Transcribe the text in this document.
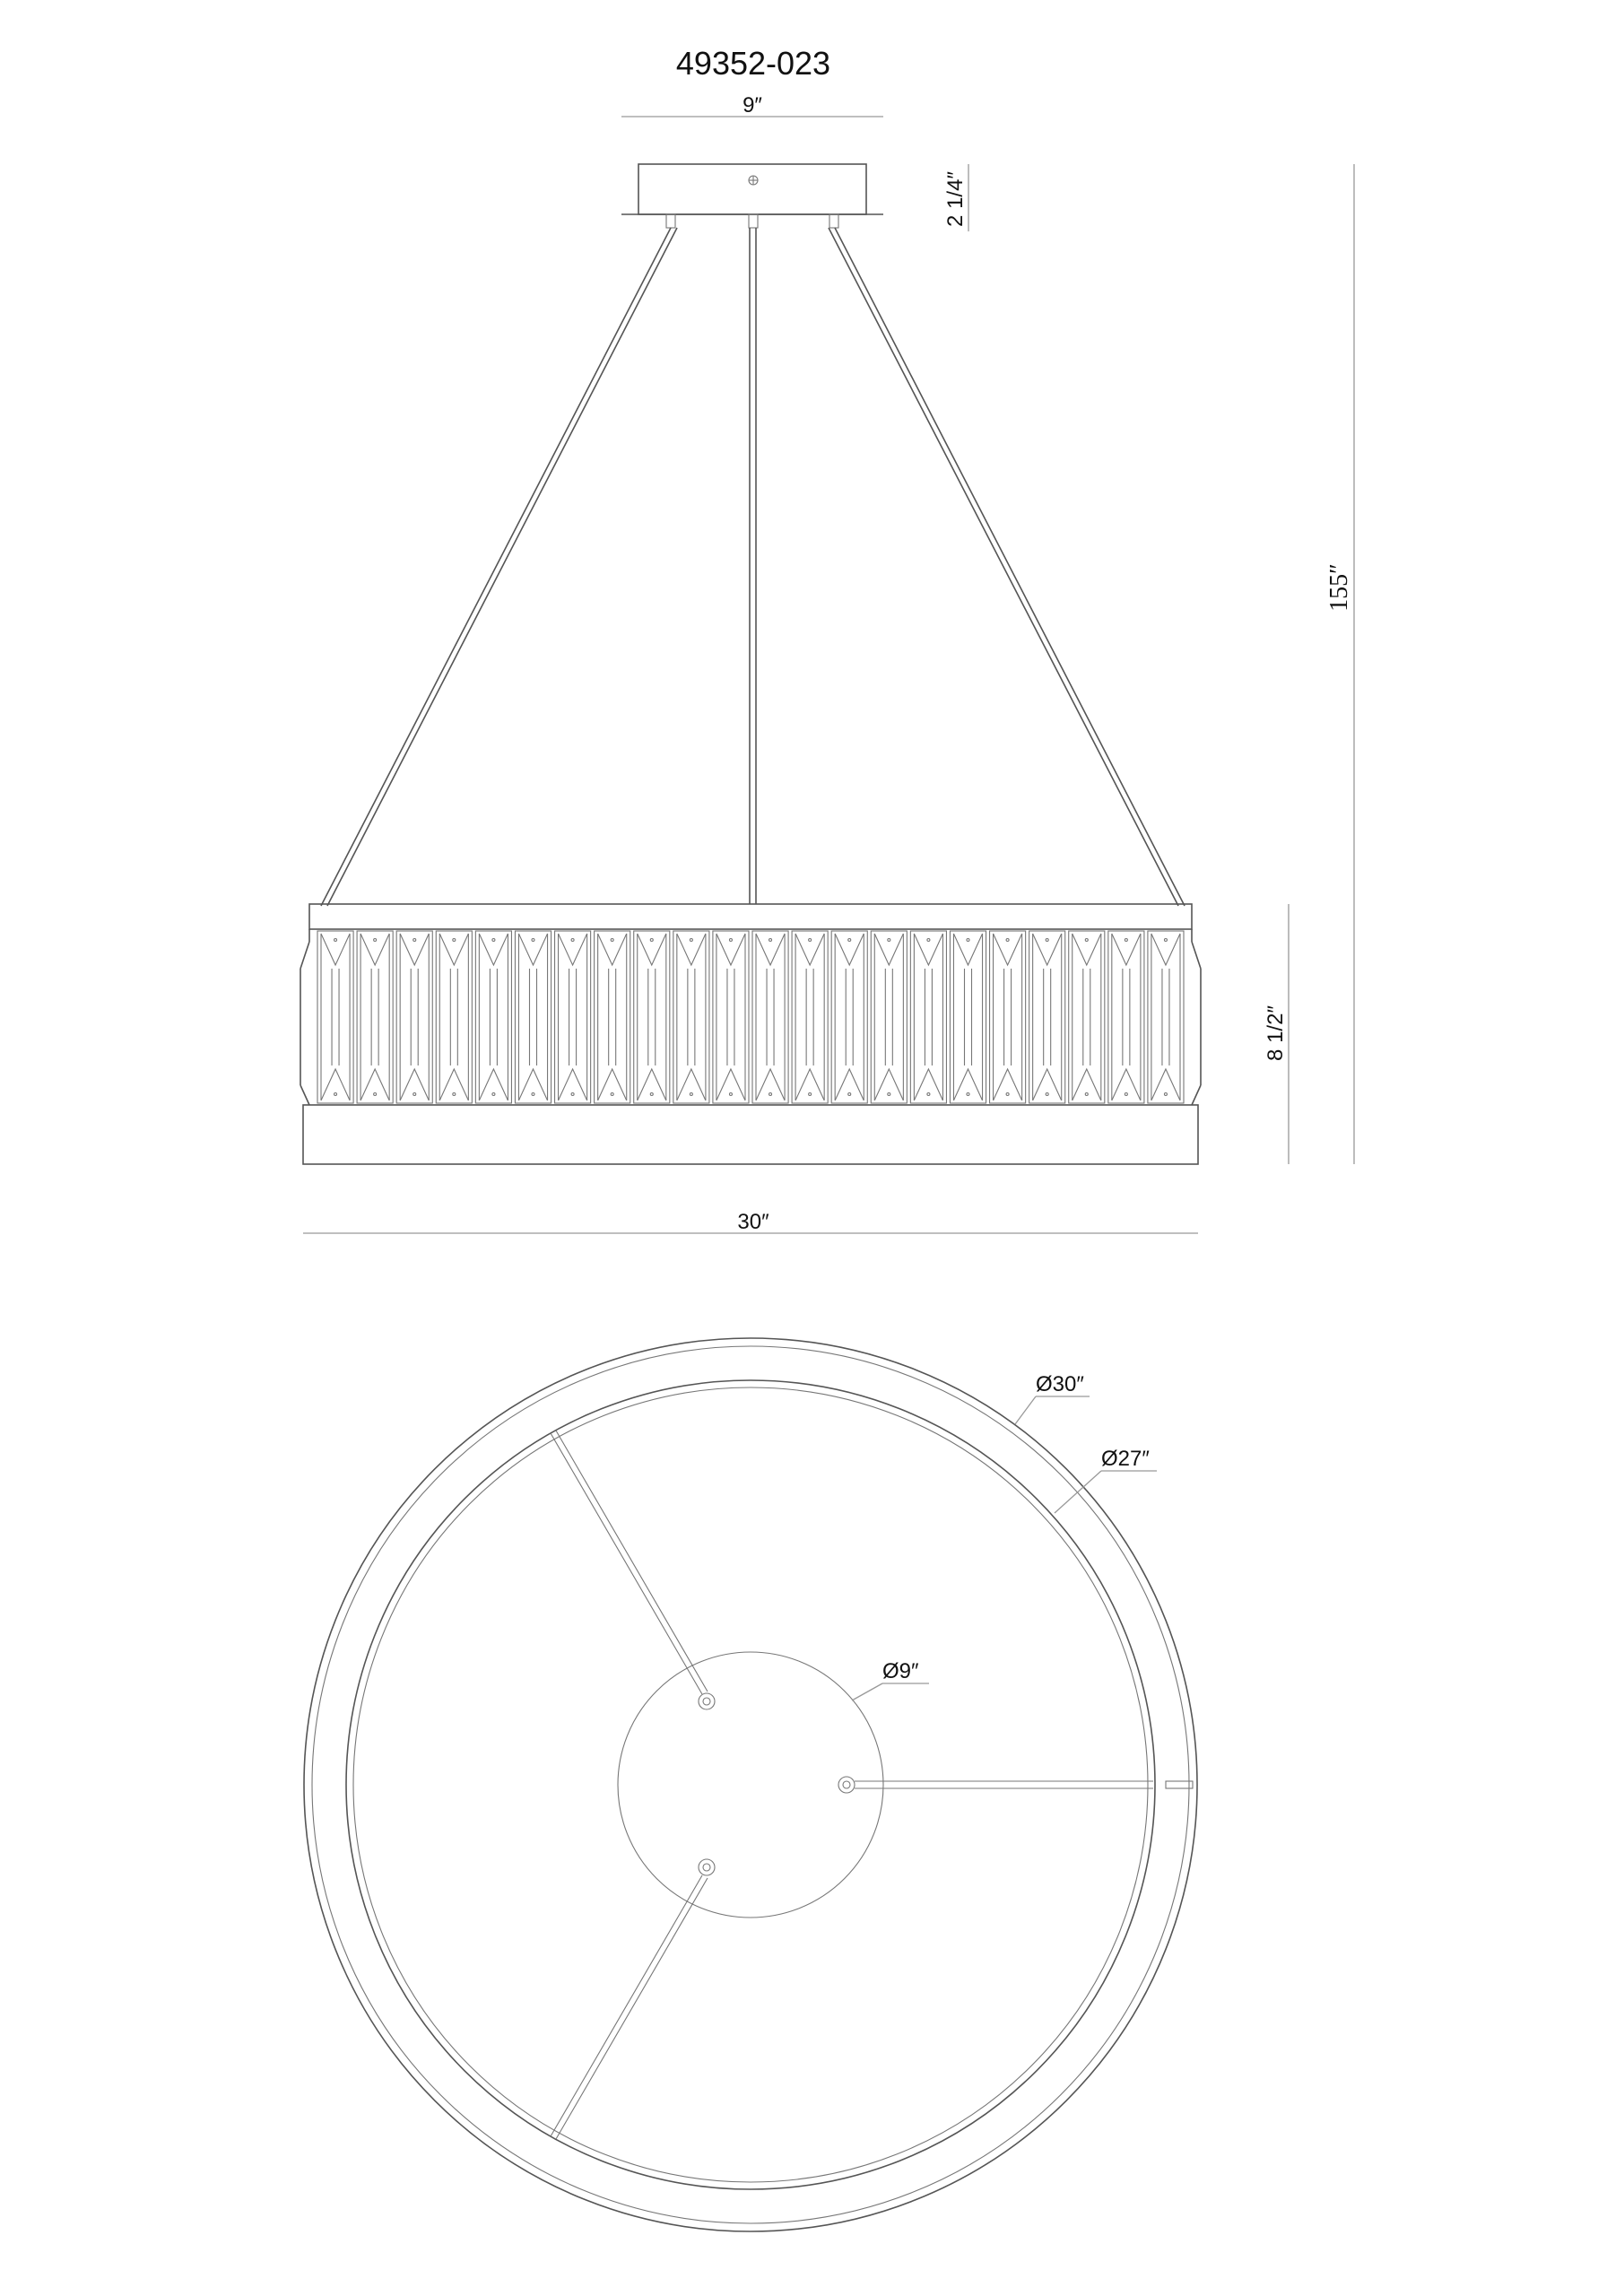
49352-023
9″
2 1/4″
155″
8 1/2″
30″
Ø30″
Ø27″
Ø9″
